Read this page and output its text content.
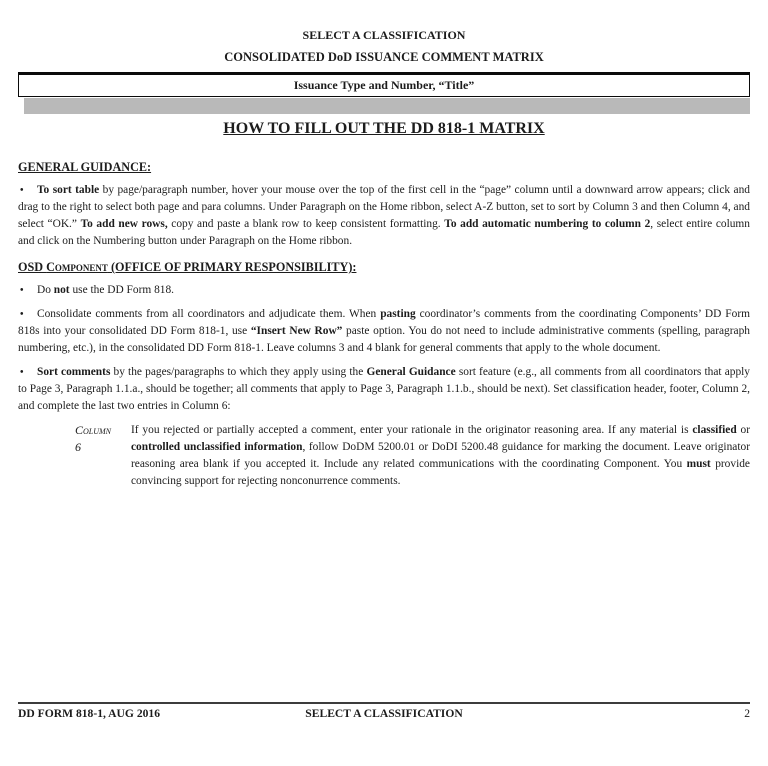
SELECT A CLASSIFICATION
CONSOLIDATED DoD ISSUANCE COMMENT MATRIX
Issuance Type and Number, “Title”
HOW TO FILL OUT THE DD 818-1 MATRIX
GENERAL GUIDANCE:

• To sort table by page/paragraph number, hover your mouse over the top of the first cell in the “page” column until a downward arrow appears; click and drag to the right to select both page and para columns. Under Paragraph on the Home ribbon, select A-Z button, set to sort by Column 3 and then Column 4, and select “OK.” To add new rows, copy and paste a blank row to keep consistent formatting. To add automatic numbering to column 2, select entire column and click on the Numbering button under Paragraph on the Home ribbon.

OSD Component (OFFICE OF PRIMARY RESPONSIBILITY):

• Do not use the DD Form 818.

• Consolidate comments from all coordinators and adjudicate them. When pasting coordinator’s comments from the coordinating Components’ DD Form 818s into your consolidated DD Form 818-1, use “Insert New Row” paste option. You do not need to include administrative comments (spelling, paragraph numbering, etc.), in the consolidated DD Form 818-1. Leave columns 3 and 4 blank for general comments that apply to the whole document.

• Sort comments by the pages/paragraphs to which they apply using the General Guidance sort feature (e.g., all comments from all coordinators that apply to Page 3, Paragraph 1.1.a., should be together; all comments that apply to Page 3, Paragraph 1.1.b., should be next). Set classification header, footer, Column 2, and complete the last two entries in Column 6:

Column
6
If you rejected or partially accepted a comment, enter your rationale in the originator reasoning area. If any material is classified or controlled unclassified information, follow DoDM 5200.01 or DoDI 5200.48 guidance for marking the document. Leave originator reasoning area blank if you accepted it. Include any related communications with the coordinating Component. You must provide convincing support for rejecting nonconurrence comments.
DD FORM 818-1, AUG 2016	SELECT A CLASSIFICATION	2
